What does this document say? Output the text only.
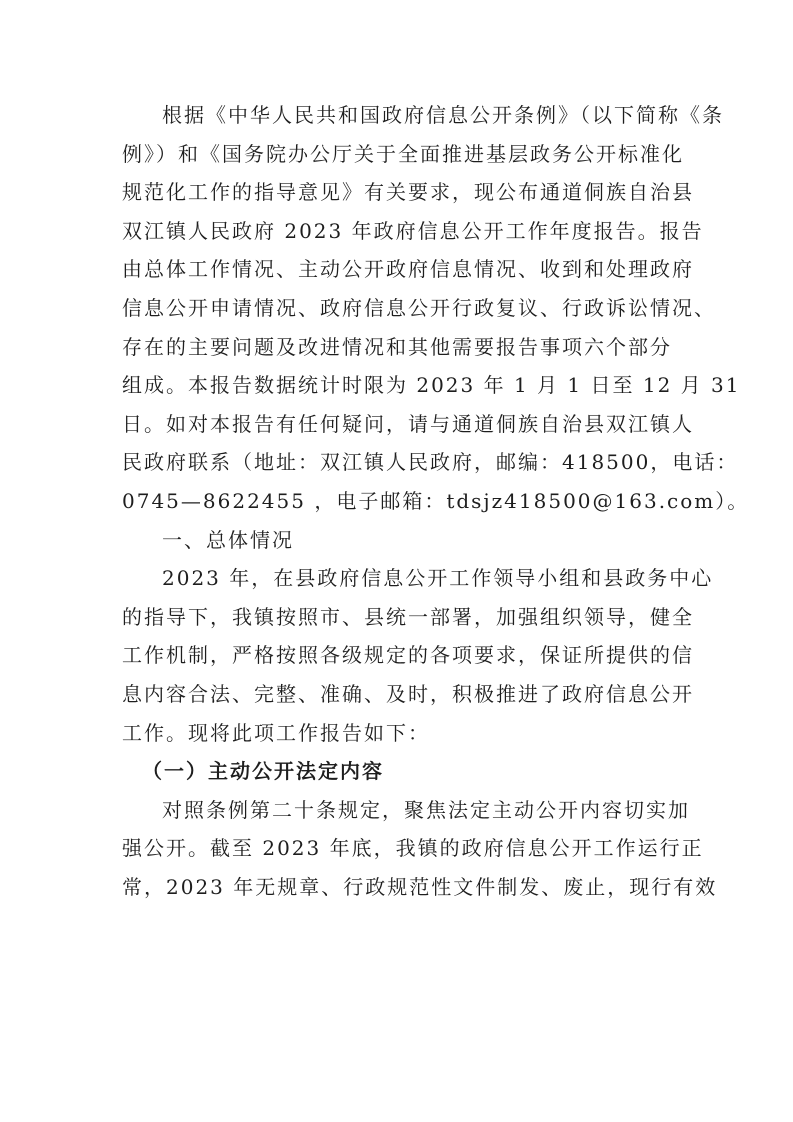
根据《中华人民共和国政府信息公开条例》（以下简称《条
例》）和《国务院办公厅关于全面推进基层政务公开标准化
规范化工作的指导意见》有关要求，现公布通道侗族自治县
双江镇人民政府 2023 年政府信息公开工作年度报告。报告
由总体工作情况、主动公开政府信息情况、收到和处理政府
信息公开申请情况、政府信息公开行政复议、行政诉讼情况、
存在的主要问题及改进情况和其他需要报告事项六个部分
组成。本报告数据统计时限为 2023 年 1 月 1 日至 12 月 31
日。如对本报告有任何疑问，请与通道侗族自治县双江镇人
民政府联系（地址：双江镇人民政府，邮编：418500，电话：
0745—8622455 ，电子邮箱：tdsjz418500@163.com）。
一、总体情况
2023 年，在县政府信息公开工作领导小组和县政务中心
的指导下，我镇按照市、县统一部署，加强组织领导，健全
工作机制，严格按照各级规定的各项要求，保证所提供的信
息内容合法、完整、准确、及时，积极推进了政府信息公开
工作。现将此项工作报告如下：
（一）主动公开法定内容
对照条例第二十条规定，聚焦法定主动公开内容切实加
强公开。截至 2023 年底，我镇的政府信息公开工作运行正
常，2023 年无规章、行政规范性文件制发、废止，现行有效
